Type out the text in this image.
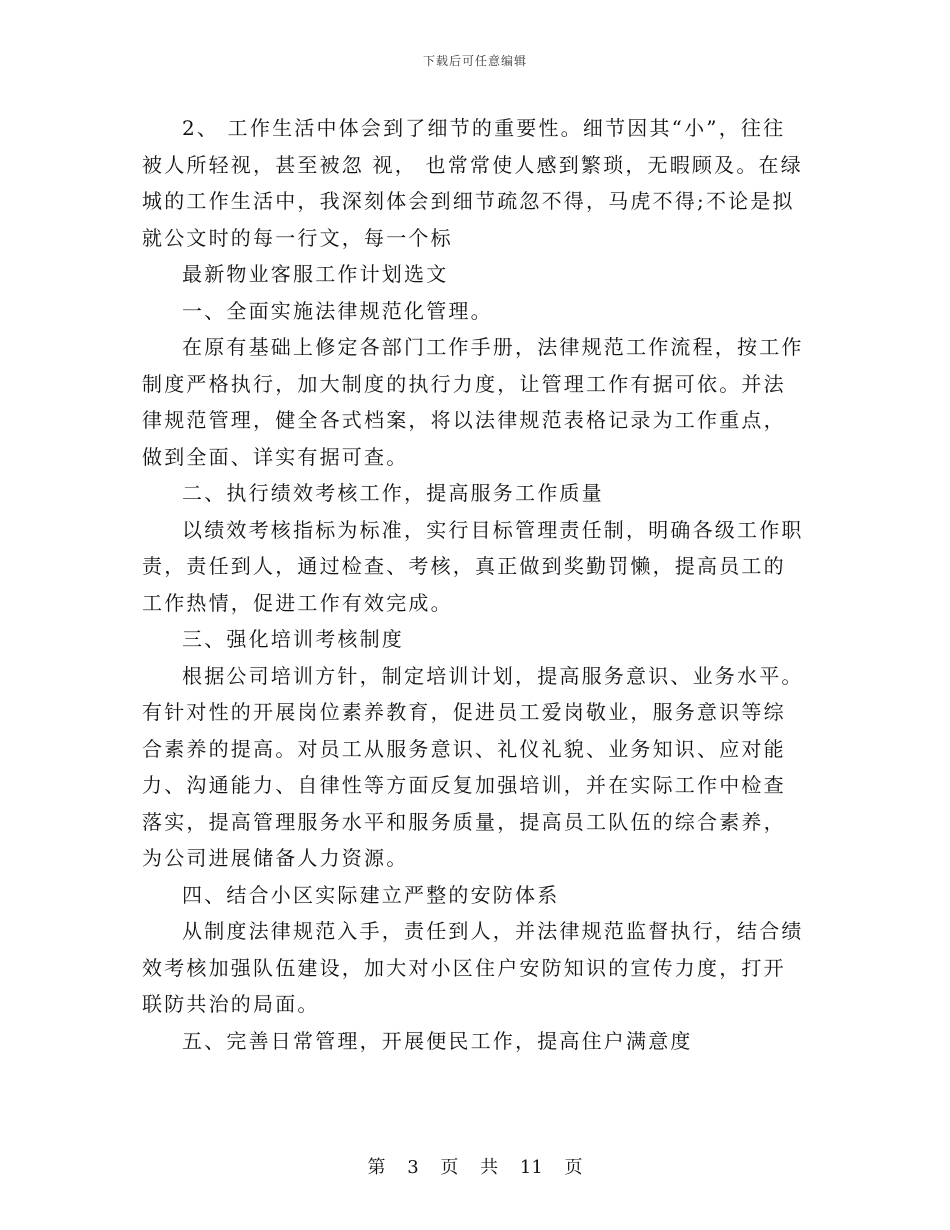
下载后可任意编辑

2、 工作生活中体会到了细节的重要性。细节因其“小”，往往被人所轻视，甚至被忽 视， 也常常使人感到繁琐，无暇顾及。在绿城的工作生活中，我深刻体会到细节疏忽不得，马虎不得;不论是拟就公文时的每一行文，每一个标

最新物业客服工作计划选文

一、全面实施法律规范化管理。

在原有基础上修定各部门工作手册，法律规范工作流程，按工作制度严格执行，加大制度的执行力度，让管理工作有据可依。并法律规范管理，健全各式档案，将以法律规范表格记录为工作重点，做到全面、详实有据可查。

二、执行绩效考核工作，提高服务工作质量

以绩效考核指标为标准，实行目标管理责任制，明确各级工作职责，责任到人，通过检查、考核，真正做到奖勤罚懒，提高员工的工作热情，促进工作有效完成。

三、强化培训考核制度

根据公司培训方针，制定培训计划，提高服务意识、业务水平。有针对性的开展岗位素养教育，促进员工爱岗敬业，服务意识等综合素养的提高。对员工从服务意识、礼仪礼貌、业务知识、应对能力、沟通能力、自律性等方面反复加强培训，并在实际工作中检查落实，提高管理服务水平和服务质量，提高员工队伍的综合素养，为公司进展储备人力资源。

四、结合小区实际建立严整的安防体系

从制度法律规范入手，责任到人，并法律规范监督执行，结合绩效考核加强队伍建设，加大对小区住户安防知识的宣传力度，打开联防共治的局面。

五、完善日常管理，开展便民工作，提高住户满意度

第 3 页 共 11 页
